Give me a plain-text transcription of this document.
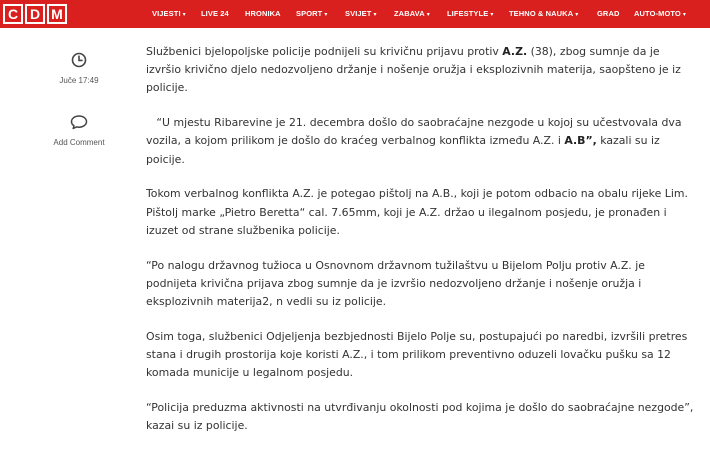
C D M	VIJESTI ▾ LIVE 24 HRONIKA SPORT ▾ SVIJET ▾ ZABAVA ▾ LIFESTYLE ▾ TEHNO & NAUKA ▾ GRAD AUTO-MOTO ▾
Juče 17:49
Add Comment

Službenici bjelopoljske policije podnijeli su krivičnu prijavu protiv A.Z. (38), zbog sumnje da je izvršio krivično djelo nedozvoljeno držanje i nošenje oružja i eksplozivnih materija, saopšteno je iz policije.

“U mjestu Ribarevine je 21. decembra došlo do saobraćajne nezgode u kojoj su učestvovala dva vozila, a kojom prilikom je došlo do kraćeg verbalnog konflikta između A.Z. i A.B”, kazali su iz poicije.

Tokom verbalnog konflikta A.Z. je potegao pištolj na A.B., koji je potom odbacio na obalu rijeke Lim. Pištolj marke „Pietro Beretta“ cal. 7.65mm, koji je A.Z. držao u ilegalnom posjedu, je pronađen i izuzet od strane službenika policije.

“Po nalogu državnog tužioca u Osnovnom državnom tužilaštvu u Bijelom Polju protiv A.Z. je podnijeta krivična prijava zbog sumnje da je izvršio nedozvoljeno držanje i nošenje oružja i eksplozivnih materija2, n vedli su iz policije.

Osim toga, službenici Odjeljenja bezbjednosti Bijelo Polje su, postupajući po naredbi, izvršili pretres stana i drugih prostorija koje koristi A.Z., i tom prilikom preventivno oduzeli lovačku pušku sa 12 komada municije u legalnom posjedu.

“Policija preduzma aktivnosti na utvrđivanju okolnosti pod kojima je došlo do saobraćajne nezgode”, kazai su iz policije.
